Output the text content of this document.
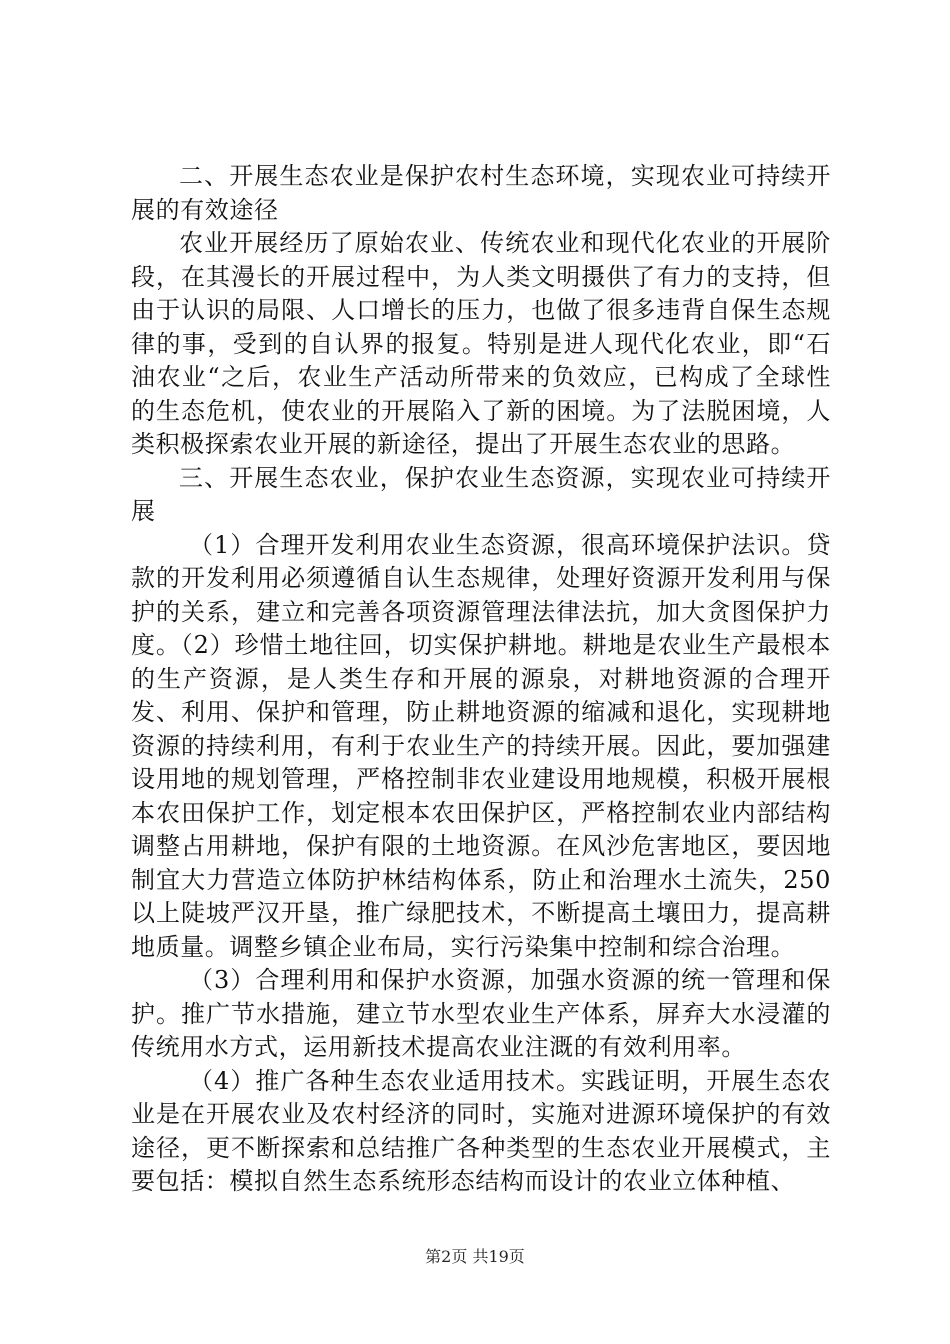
二、开展生态农业是保护农村生态环境，实现农业可持续开展的有效途径

农业开展经历了原始农业、传统农业和现代化农业的开展阶段，在其漫长的开展过程中，为人类文明摄供了有力的支持，但由于认识的局限、人口增长的压力，也做了很多违背自保生态规律的事，受到的自认界的报复。特别是进人现代化农业，即“石油农业“之后，农业生产活动所带来的负效应，已构成了全球性的生态危机，使农业的开展陷入了新的困境。为了法脱困境，人类积极探索农业开展的新途径，提出了开展生态农业的思路。

三、开展生态农业，保护农业生态资源，实现农业可持续开展

（1）合理开发利用农业生态资源，很高环境保护法识。贷款的开发利用必须遵循自认生态规律，处理好资源开发利用与保护的关系，建立和完善各项资源管理法律法抗，加大贪图保护力度。（2）珍惜土地往回，切实保护耕地。耕地是农业生产最根本的生产资源，是人类生存和开展的源泉，对耕地资源的合理开发、利用、保护和管理，防止耕地资源的缩减和退化，实现耕地资源的持续利用，有利于农业生产的持续开展。因此，要加强建设用地的规划管理，严格控制非农业建设用地规模，积极开展根本农田保护工作，划定根本农田保护区，严格控制农业内部结构调整占用耕地，保护有限的土地资源。在风沙危害地区，要因地制宜大力营造立体防护林结构体系，防止和治理水土流失，250以上陡坡严汉开垦，推广绿肥技术，不断提高土壤田力，提高耕地质量。调整乡镇企业布局，实行污染集中控制和综合治理。

（3）合理利用和保护水资源，加强水资源的统一管理和保护。推广节水措施，建立节水型农业生产体系，屏弃大水浸灌的传统用水方式，运用新技术提高农业注溉的有效利用率。

（4）推广各种生态农业适用技术。实践证明，开展生态农业是在开展农业及农村经济的同时，实施对进源环境保护的有效途径，更不断探索和总结推广各种类型的生态农业开展模式，主要包括：模拟自然生态系统形态结构而设计的农业立体种植、

第2页 共19页
